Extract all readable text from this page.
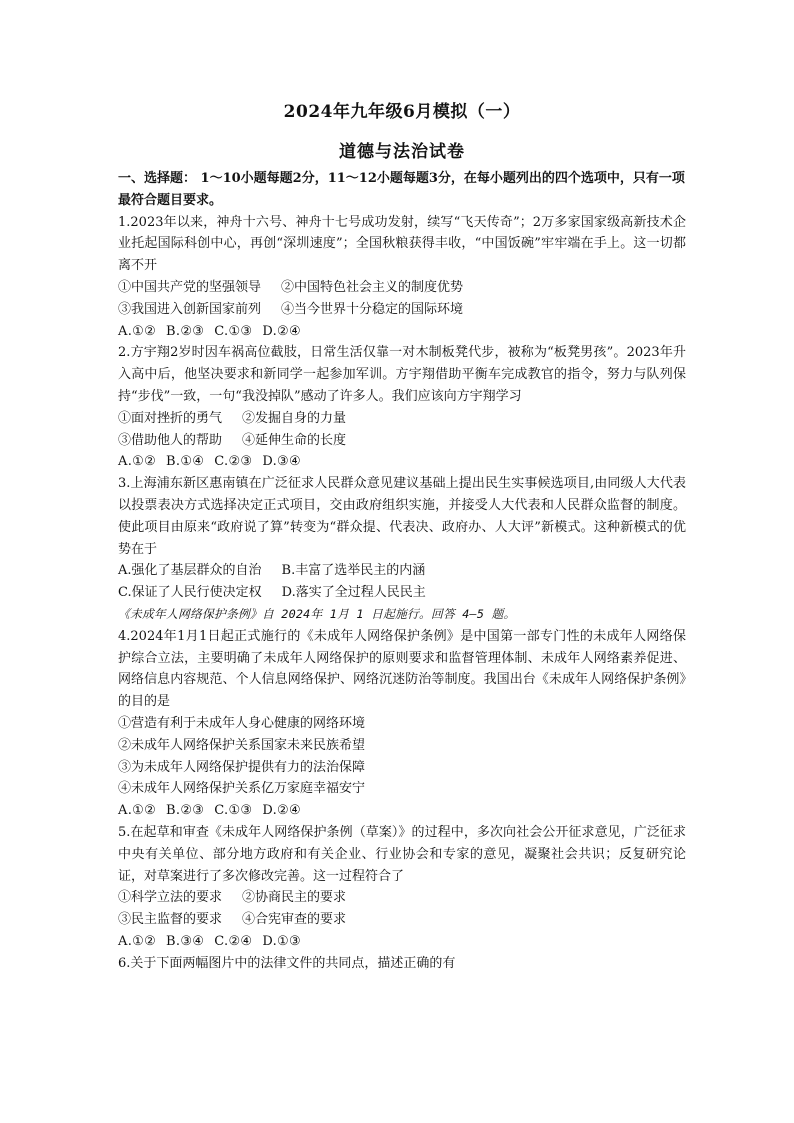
2024年九年级6月模拟（一）
道德与法治试卷

一、选择题： 1～10小题每题2分，11～12小题每题3分，在每小题列出的四个选项中，只有一项最符合题目要求。

1.2023年以来，神舟十六号、神舟十七号成功发射，续写“飞天传奇”；2万多家国家级高新技术企业托起国际科创中心，再创“深圳速度”；全国秋粮获得丰收，“中国饭碗”牢牢端在手上。这一切都离不开

①中国共产党的坚强领导 ②中国特色社会主义的制度优势

③我国进入创新国家前列 ④当今世界十分稳定的国际环境

A.①② B.②③ C.①③ D.②④

2.方宇翔2岁时因车祸高位截肢，日常生活仅靠一对木制板凳代步，被称为“板凳男孩”。2023年升入高中后，他坚决要求和新同学一起参加军训。方宇翔借助平衡车完成教官的指令，努力与队列保持“步伐”一致，一句“我没掉队”感动了许多人。我们应该向方宇翔学习

①面对挫折的勇气 ②发掘自身的力量

③借助他人的帮助 ④延伸生命的长度

A.①② B.①④ C.②③ D.③④

3.上海浦东新区惠南镇在广泛征求人民群众意见建议基础上提出民生实事候选项目,由同级人大代表以投票表决方式选择决定正式项目，交由政府组织实施，并接受人大代表和人民群众监督的制度。使此项目由原来“政府说了算”转变为“群众提、代表决、政府办、人大评”新模式。这种新模式的优势在于

A.强化了基层群众的自治 B.丰富了选举民主的内涵

C.保证了人民行使决定权 D.落实了全过程人民民主

《未成年人网络保护条例》自 2024年 1月 1 日起施行。回答 4—5 题。

4.2024年1月1日起正式施行的《未成年人网络保护条例》是中国第一部专门性的未成年人网络保护综合立法，主要明确了未成年人网络保护的原则要求和监督管理体制、未成年人网络素养促进、网络信息内容规范、个人信息网络保护、网络沉迷防治等制度。我国出台《未成年人网络保护条例》的目的是

①营造有利于未成年人身心健康的网络环境

②未成年人网络保护关系国家未来民族希望

③为未成年人网络保护提供有力的法治保障

④未成年人网络保护关系亿万家庭幸福安宁

A.①② B.②③ C.①③ D.②④

5.在起草和审查《未成年人网络保护条例（草案）》的过程中，多次向社会公开征求意见，广泛征求中央有关单位、部分地方政府和有关企业、行业协会和专家的意见，凝聚社会共识；反复研究论证，对草案进行了多次修改完善。这一过程符合了

①科学立法的要求 ②协商民主的要求

③民主监督的要求 ④合宪审查的要求

A.①② B.③④ C.②④ D.①③

6.关于下面两幅图片中的法律文件的共同点，描述正确的有
